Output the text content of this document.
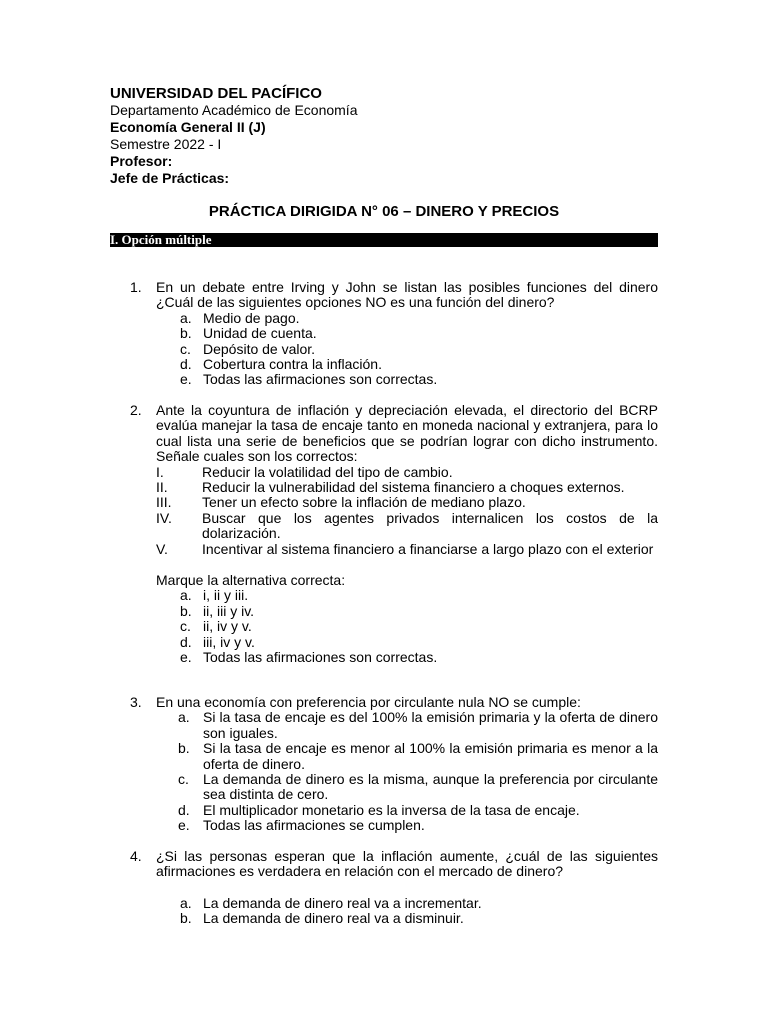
UNIVERSIDAD DEL PACÍFICO
Departamento Académico de Economía
Economía General II (J)
Semestre 2022 - I
Profesor:
Jefe de Prácticas:
PRÁCTICA DIRIGIDA N° 06 – DINERO Y PRECIOS
I. Opción múltiple
1. En un debate entre Irving y John se listan las posibles funciones del dinero ¿Cuál de las siguientes opciones NO es una función del dinero?
a. Medio de pago.
b. Unidad de cuenta.
c. Depósito de valor.
d. Cobertura contra la inflación.
e. Todas las afirmaciones son correctas.
2. Ante la coyuntura de inflación y depreciación elevada, el directorio del BCRP evalúa manejar la tasa de encaje tanto en moneda nacional y extranjera, para lo cual lista una serie de beneficios que se podrían lograr con dicho instrumento. Señale cuales son los correctos:
I.	Reducir la volatilidad del tipo de cambio.
II.	Reducir la vulnerabilidad del sistema financiero a choques externos.
III.	Tener un efecto sobre la inflación de mediano plazo.
IV.	Buscar que los agentes privados internalicen los costos de la dolarización.
V.	Incentivar al sistema financiero a financiarse a largo plazo con el exterior
Marque la alternativa correcta:
a. i, ii y iii.
b. ii, iii y iv.
c. ii, iv y v.
d. iii, iv y v.
e. Todas las afirmaciones son correctas.
3. En una economía con preferencia por circulante nula NO se cumple:
a. Si la tasa de encaje es del 100% la emisión primaria y la oferta de dinero son iguales.
b. Si la tasa de encaje es menor al 100% la emisión primaria es menor a la oferta de dinero.
c.	La demanda de dinero es la misma, aunque la preferencia por circulante sea distinta de cero.
d. El multiplicador monetario es la inversa de la tasa de encaje.
e. Todas las afirmaciones se cumplen.
4. ¿Si las personas esperan que la inflación aumente, ¿cuál de las siguientes afirmaciones es verdadera en relación con el mercado de dinero?
a. La demanda de dinero real va a incrementar.
b. La demanda de dinero real va a disminuir.
